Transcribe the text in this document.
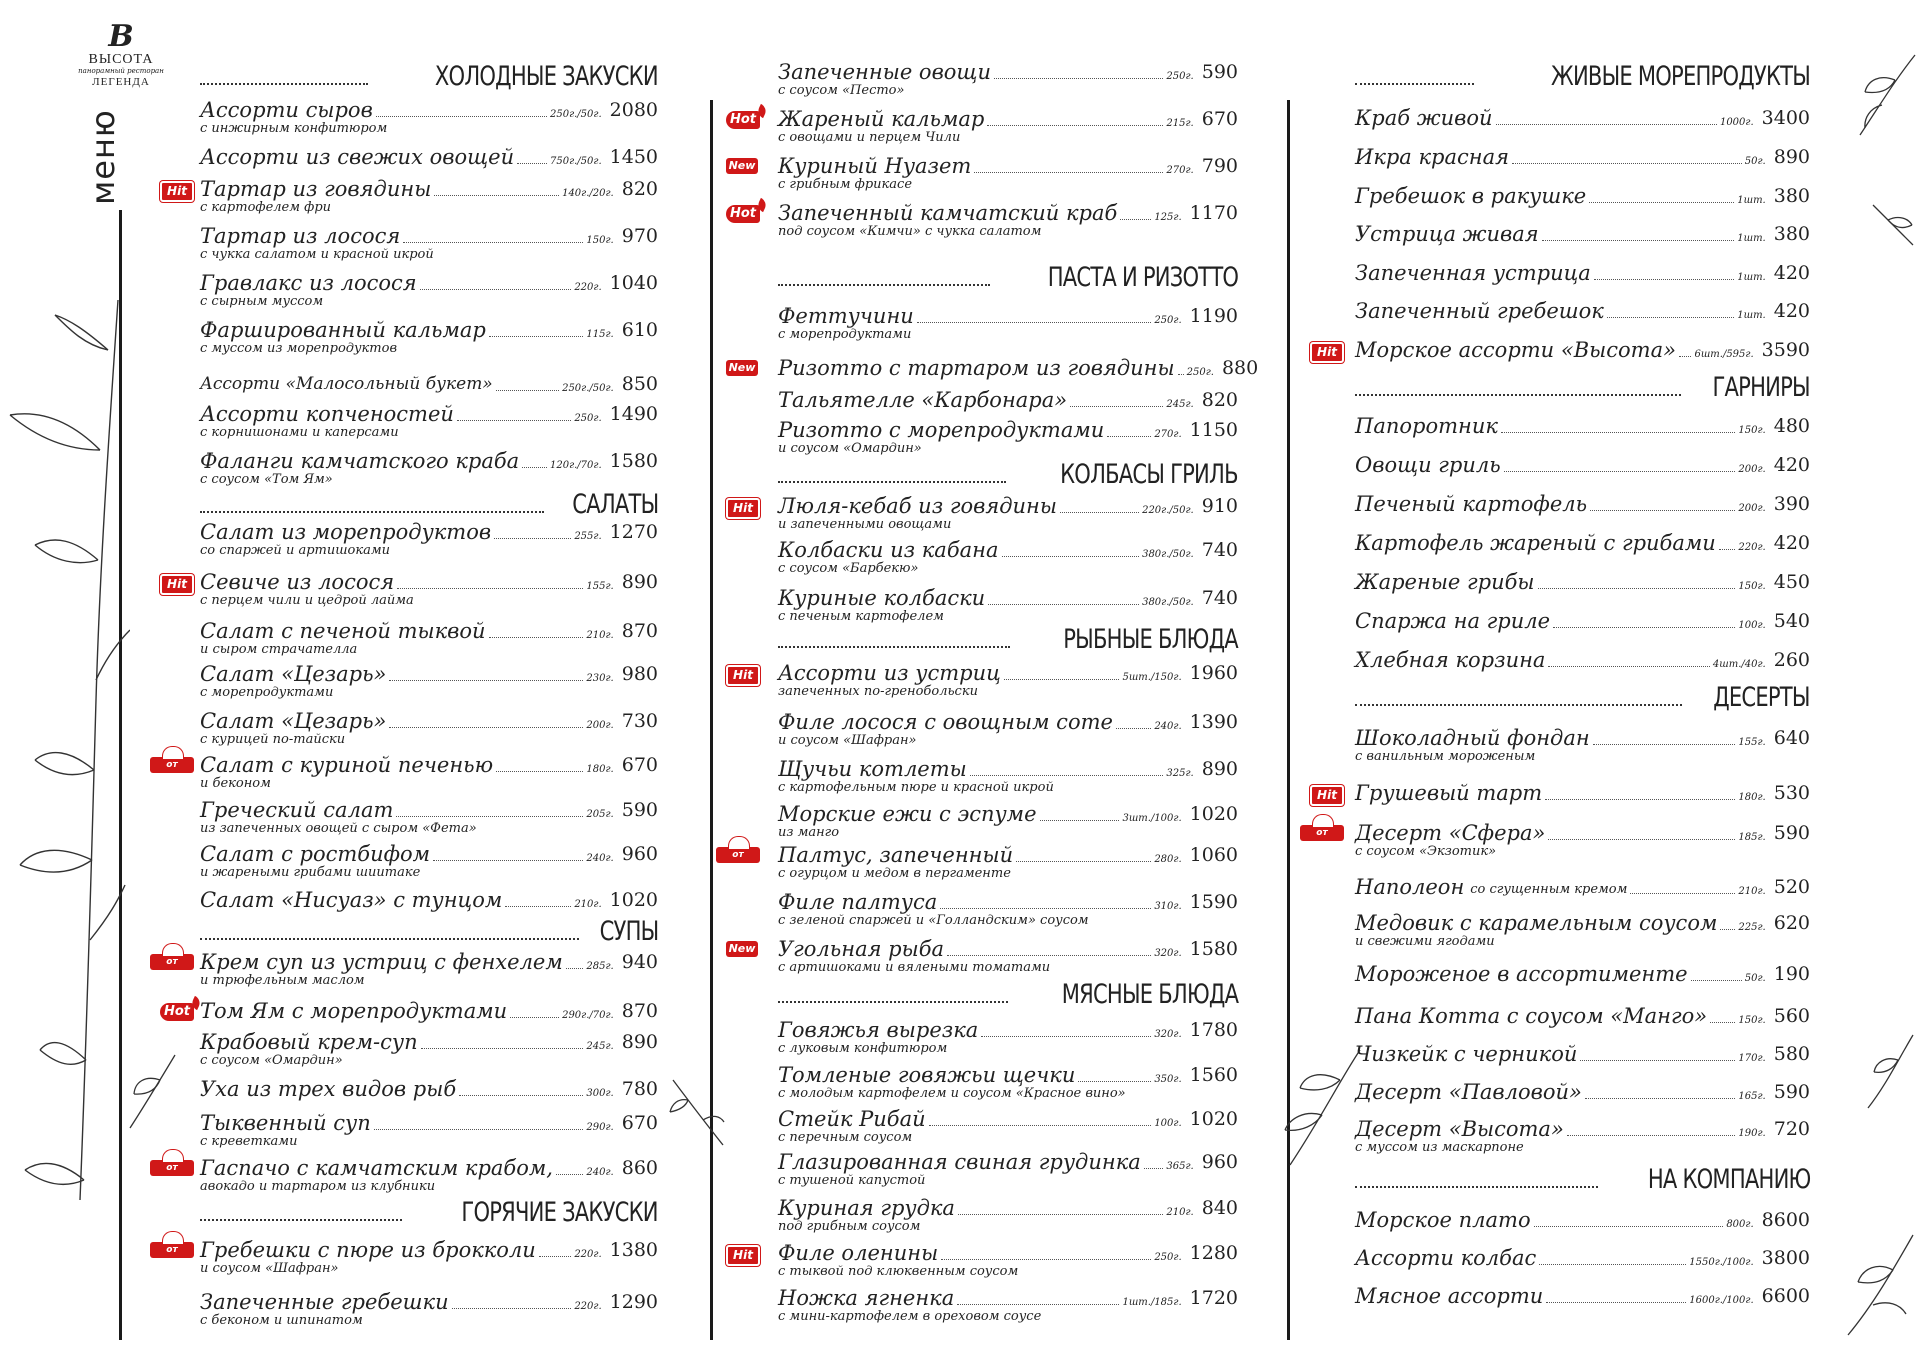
В
ВЫСОТА
панорамный ресторан
ЛЕГЕНДА
меню
ХОЛОДНЫЕ ЗАКУСКИ
Ассорти сыров	250г./50г. 2080
с инжирным конфитюром
Ассорти из свежих овощей	750г./50г. 1450
Тартар из говядины	140г./20г. 820
с картофелем фри
Hit
Тартар из лосося	150г. 970
с чукка салатом и красной икрой
Гравлакс из лосося	220г. 1040
с сырным муссом
Фаршированный кальмар	115г. 610
с муссом из морепродуктов
Ассорти «Малосольный букет»	250г./50г. 850
Ассорти копченостей	250г. 1490
с корнишонами и каперсами
Фаланги камчатского краба	120г./70г. 1580
с соусом «Том Ям»
САЛАТЫ
Салат из морепродуктов	255г. 1270
со спаржей и артишоками
Севиче из лосося	155г. 890
с перцем чили и цедрой лайма
Hit
Салат с печеной тыквой	210г. 870
и сыром страчателла
Салат «Цезарь»	230г. 980
с морепродуктами
Салат «Цезарь»	200г. 730
с курицей по-тайски
Салат с куриной печенью	180г. 670
и беконом
от Шефа
Греческий салат	205г. 590
из запеченных овощей с сыром «Фета»
Салат с ростбифом	240г. 960
и жареными грибами шиитаке
Салат «Нисуаз» с тунцом	210г. 1020
СУПЫ
Крем суп из устриц с фенхелем 285г. 940
и трюфельным маслом
от Шефа
Том Ям с морепродуктами	290г./70г. 870
Hot
Крабовый крем-суп	245г. 890
с соусом «Омардин»
Уха из трех видов рыб	300г. 780
Тыквенный суп	290г. 670
с креветками
Гаспачо с камчатским крабом,	240г. 860
авокадо и тартаром из клубники
от Шефа
ГОРЯЧИЕ ЗАКУСКИ
Гребешки с пюре из брокколи	220г. 1380
и соусом «Шафран»
от Шефа
Запеченные гребешки	220г. 1290
с беконом и шпинатом
Запеченные овощи	250г. 590
с соусом «Песто»
Жареный кальмар	215г. 670
с овощами и перцем Чили
Hot
Куриный Нуазет	270г. 790
с грибным фрикасе
New
Запеченный камчатский краб	125г. 1170
под соусом «Кимчи» с чукка салатом
Hot
ПАСТА И РИЗОТТО
Феттучини	250г. 1190
с морепродуктами
Ризотто с тартаром из говядины 250г. 880
New
Тальятелле «Карбонара»	245г. 820
Ризотто с морепродуктами	270г. 1150
и соусом «Омардин»
КОЛБАСЫ ГРИЛЬ
Люля-кебаб из говядины	220г./50г. 910
и запеченными овощами
Hit
Колбаски из кабана	380г./50г. 740
с соусом «Барбекю»
Куриные колбаски	380г./50г. 740
с печеным картофелем
РЫБНЫЕ БЛЮДА
Ассорти из устриц	5шт./150г. 1960
запеченных по-гренобольски
Hit
Филе лосося с овощным соте	240г. 1390
и соусом «Шафран»
Щучьи котлеты	325г. 890
с картофельным пюре и красной икрой
Морские ежи с эспуме	3шт./100г. 1020
из манго
Палтус, запеченный	280г. 1060
с огурцом и медом в пергаменте
от Шефа
Филе палтуса	310г. 1590
с зеленой спаржей и «Голландским» соусом
Угольная рыба	320г. 1580
с артишоками и вялеными томатами
New
МЯСНЫЕ БЛЮДА
Говяжья вырезка	320г. 1780
с луковым конфитюром
Томленые говяжьи щечки	350г. 1560
с молодым картофелем и соусом «Красное вино»
Стейк Рибай	100г. 1020
с перечным соусом
Глазированная свиная грудинка	365г. 960
с тушеной капустой
Куриная грудка	210г. 840
под грибным соусом
Филе оленины	250г. 1280
с тыквой под клюквенным соусом
Hit
Ножка ягненка	1шт./185г. 1720
с мини-картофелем в ореховом соусе
ЖИВЫЕ МОРЕПРОДУКТЫ
Краб живой	1000г. 3400
Икра красная	50г. 890
Гребешок в ракушке	1шт. 380
Устрица живая	1шт. 380
Запеченная устрица	1шт. 420
Запеченный гребешок	1шт. 420
Морское ассорти «Высота» 6шт./595г. 3590
Hit
ГАРНИРЫ
Папоротник	150г. 480
Овощи гриль	200г. 420
Печеный картофель	200г. 390
Картофель жареный с грибами 220г. 420
Жареные грибы	150г. 450
Спаржа на гриле	100г. 540
Хлебная корзина	4шт./40г. 260
ДЕСЕРТЫ
Шоколадный фондан	155г. 640
с ванильным мороженым
Грушевый тарт	180г. 530
Hit
Десерт «Сфера»	185г. 590
с соусом «Экзотик»
от Шефа
Наполеон со сгущенным кремом	210г. 520
Медовик с карамельным соусом 225г. 620
и свежими ягодами
Мороженое в ассортименте	50г. 190
Пана Котта с соусом «Манго»	150г. 560
Чизкейк с черникой	170г. 580
Десерт «Павловой»	165г. 590
Десерт «Высота»	190г. 720
с муссом из маскарпоне
НА КОМПАНИЮ
Морское плато	800г. 8600
Ассорти колбас	1550г./100г. 3800
Мясное ассорти	1600г./100г. 6600
